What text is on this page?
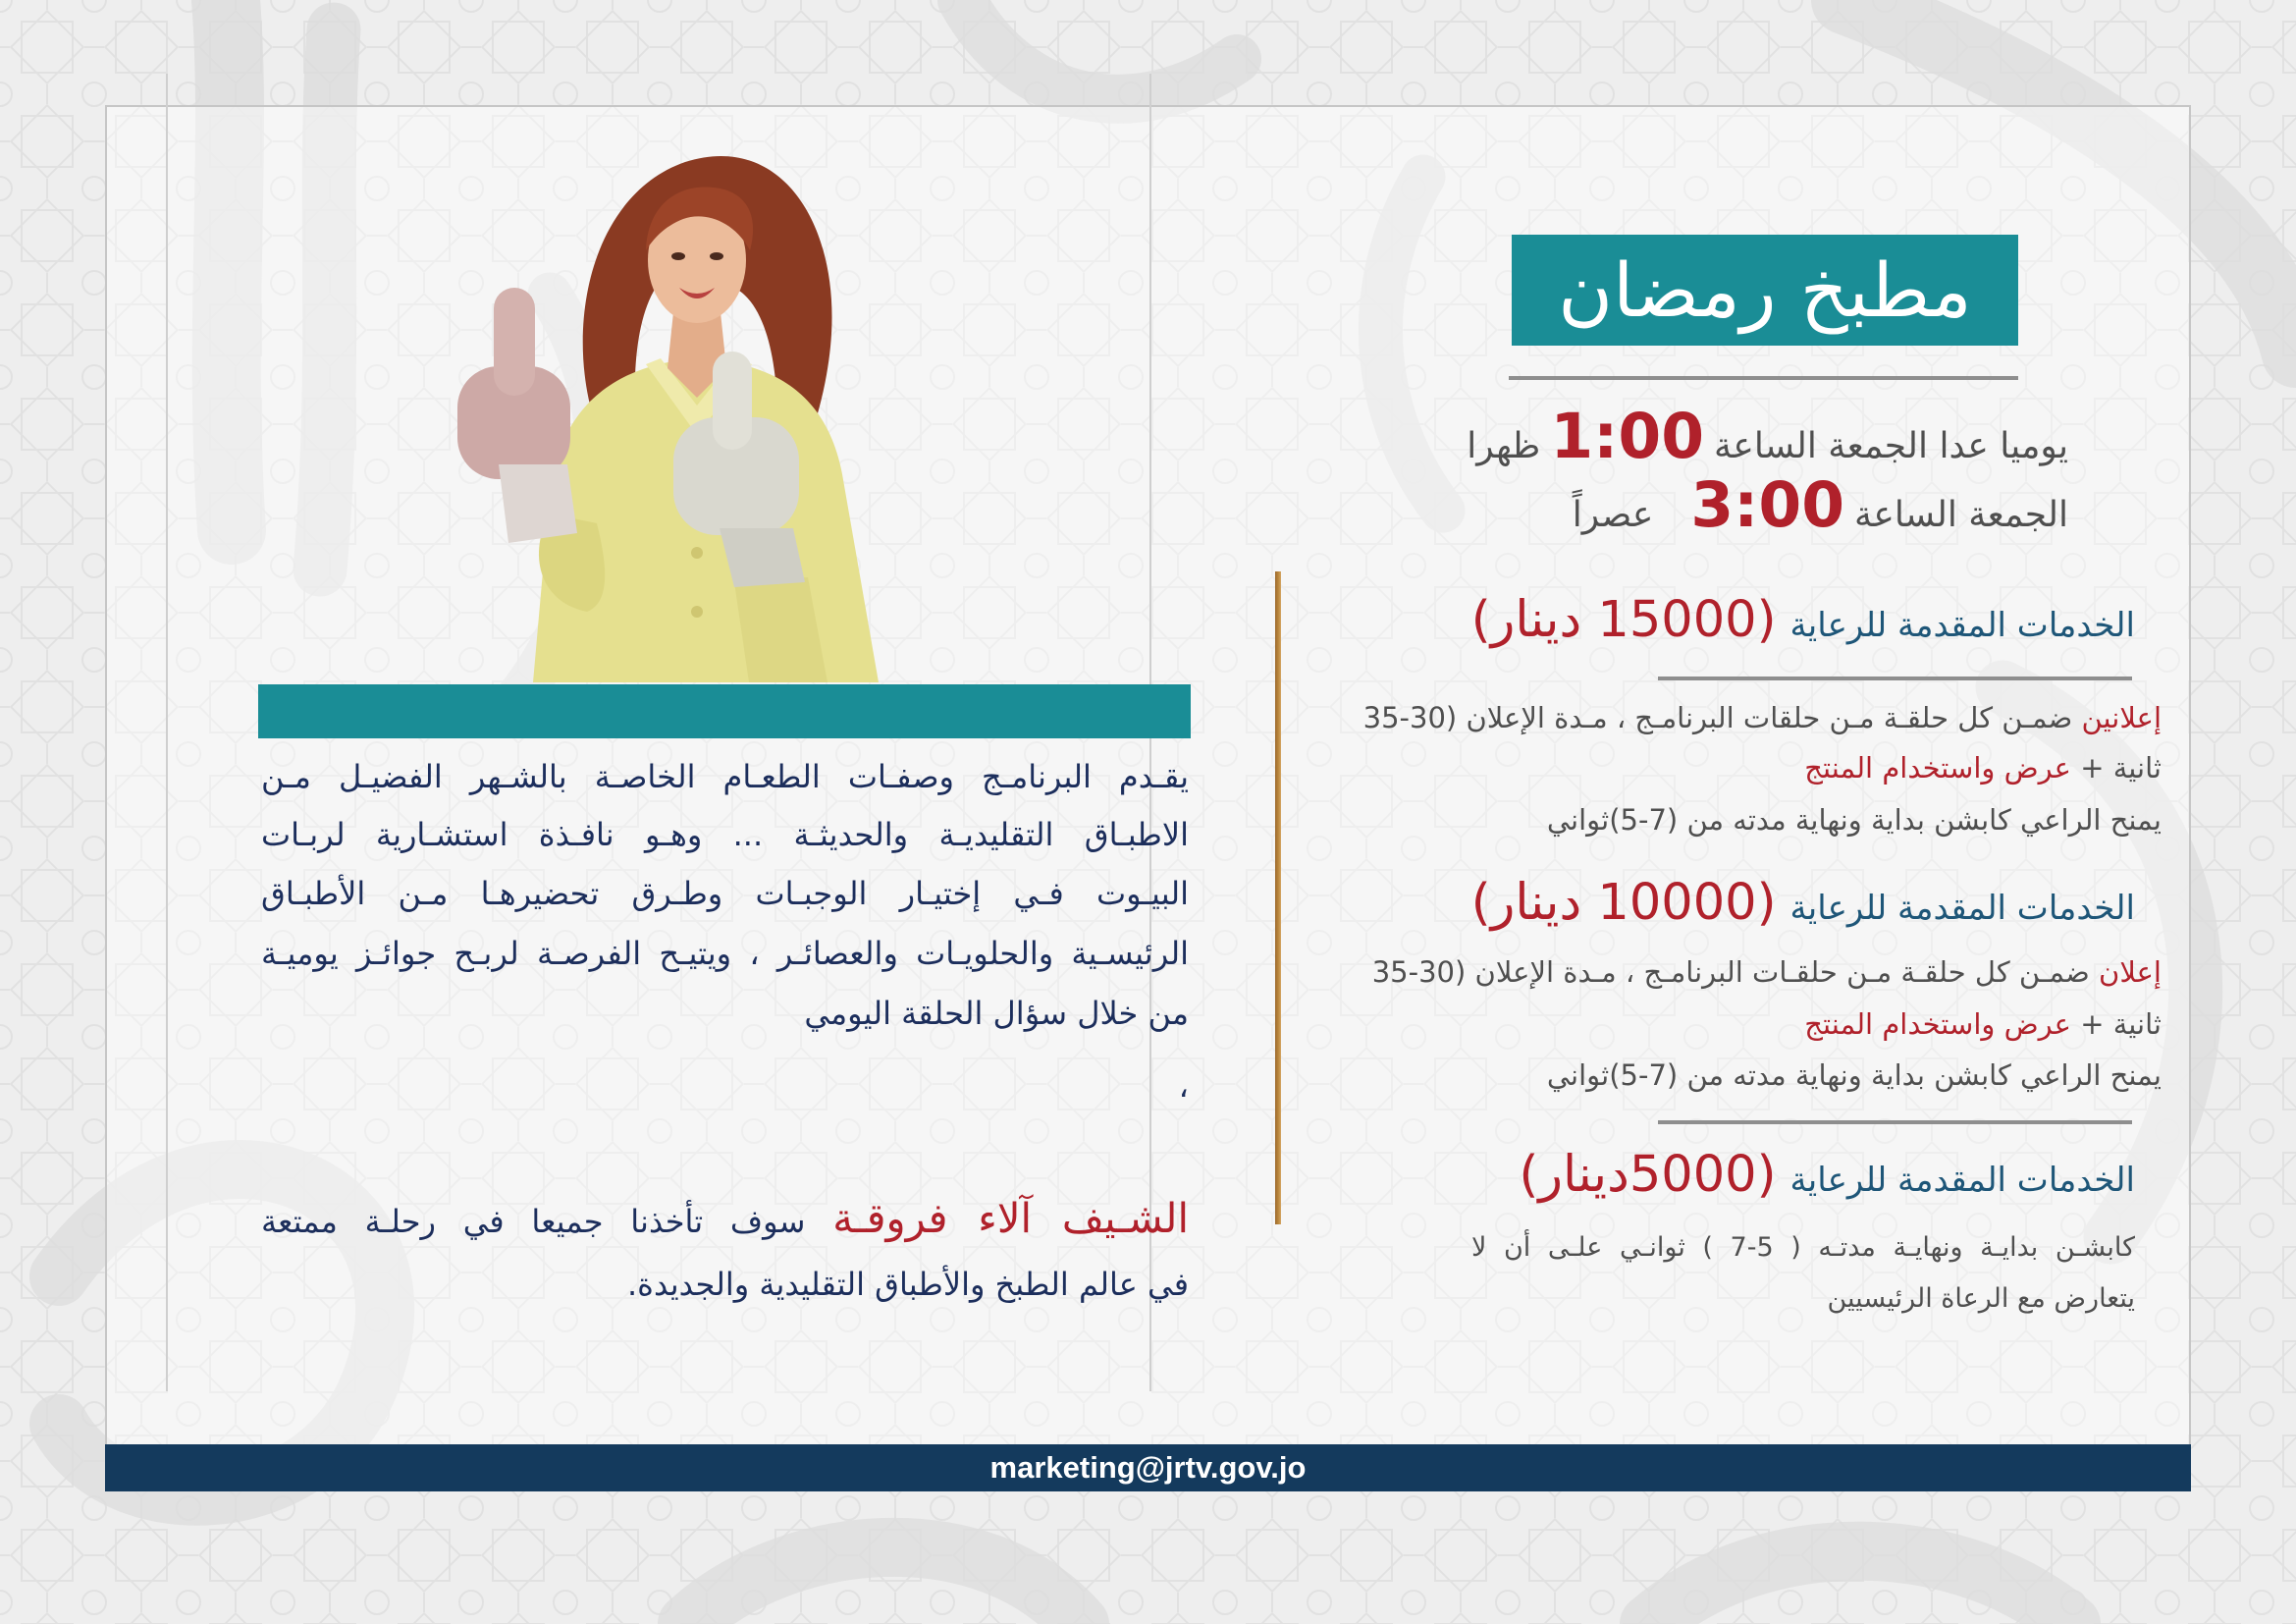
مطبخ رمضان
يوميا عدا الجمعة الساعة1:00ظهرا
الجمعة الساعة3:00عصراً
الخدمات المقدمة للرعاية(15000 دينار)
إعلانين ضمـن كل حلقـة مـن حلقات البرنامـج ، مـدة الإعلان (30-35
ثانية + عرض واستخدام المنتج
يمنح الراعي كابشن بداية ونهاية مدته من (7-5)ثواني
الخدمات المقدمة للرعاية(10000 دينار)
إعلان ضمـن كل حلقـة مـن حلقـات البرنامـج ، مـدة الإعلان (30-35
ثانية + عرض واستخدام المنتج
يمنح الراعي كابشن بداية ونهاية مدته من (7-5)ثواني
الخدمات المقدمة للرعاية(5000دينار)
كابشـن بدايـة ونهايـة مدتـه ( 5-7 ) ثوانـي علـى أن لا
يتعارض مع الرعاة الرئيسيين
يقـدم البرنامـج وصفـات الطعـام الخاصـة بالشـهر الفضيـل مـن
الاطبـاق التقليديـة والحديثـة ... وهـو نافـذة استشـارية لربـات
البيـوت فـي إختيـار الوجبـات وطـرق تحضيرهـا مـن الأطبـاق
الرئيسـية والحلويـات والعصائـر ، ويتيـح الفرصـة لربـح جوائـز يوميـة
من خلال سؤال الحلقة اليومي
،
الشـيف آلاء فروقـة سوف تأخذنا جميعا في رحلـة ممتعة
في عالم الطبخ والأطباق التقليدية والجديدة.
marketing@jrtv.gov.jo
